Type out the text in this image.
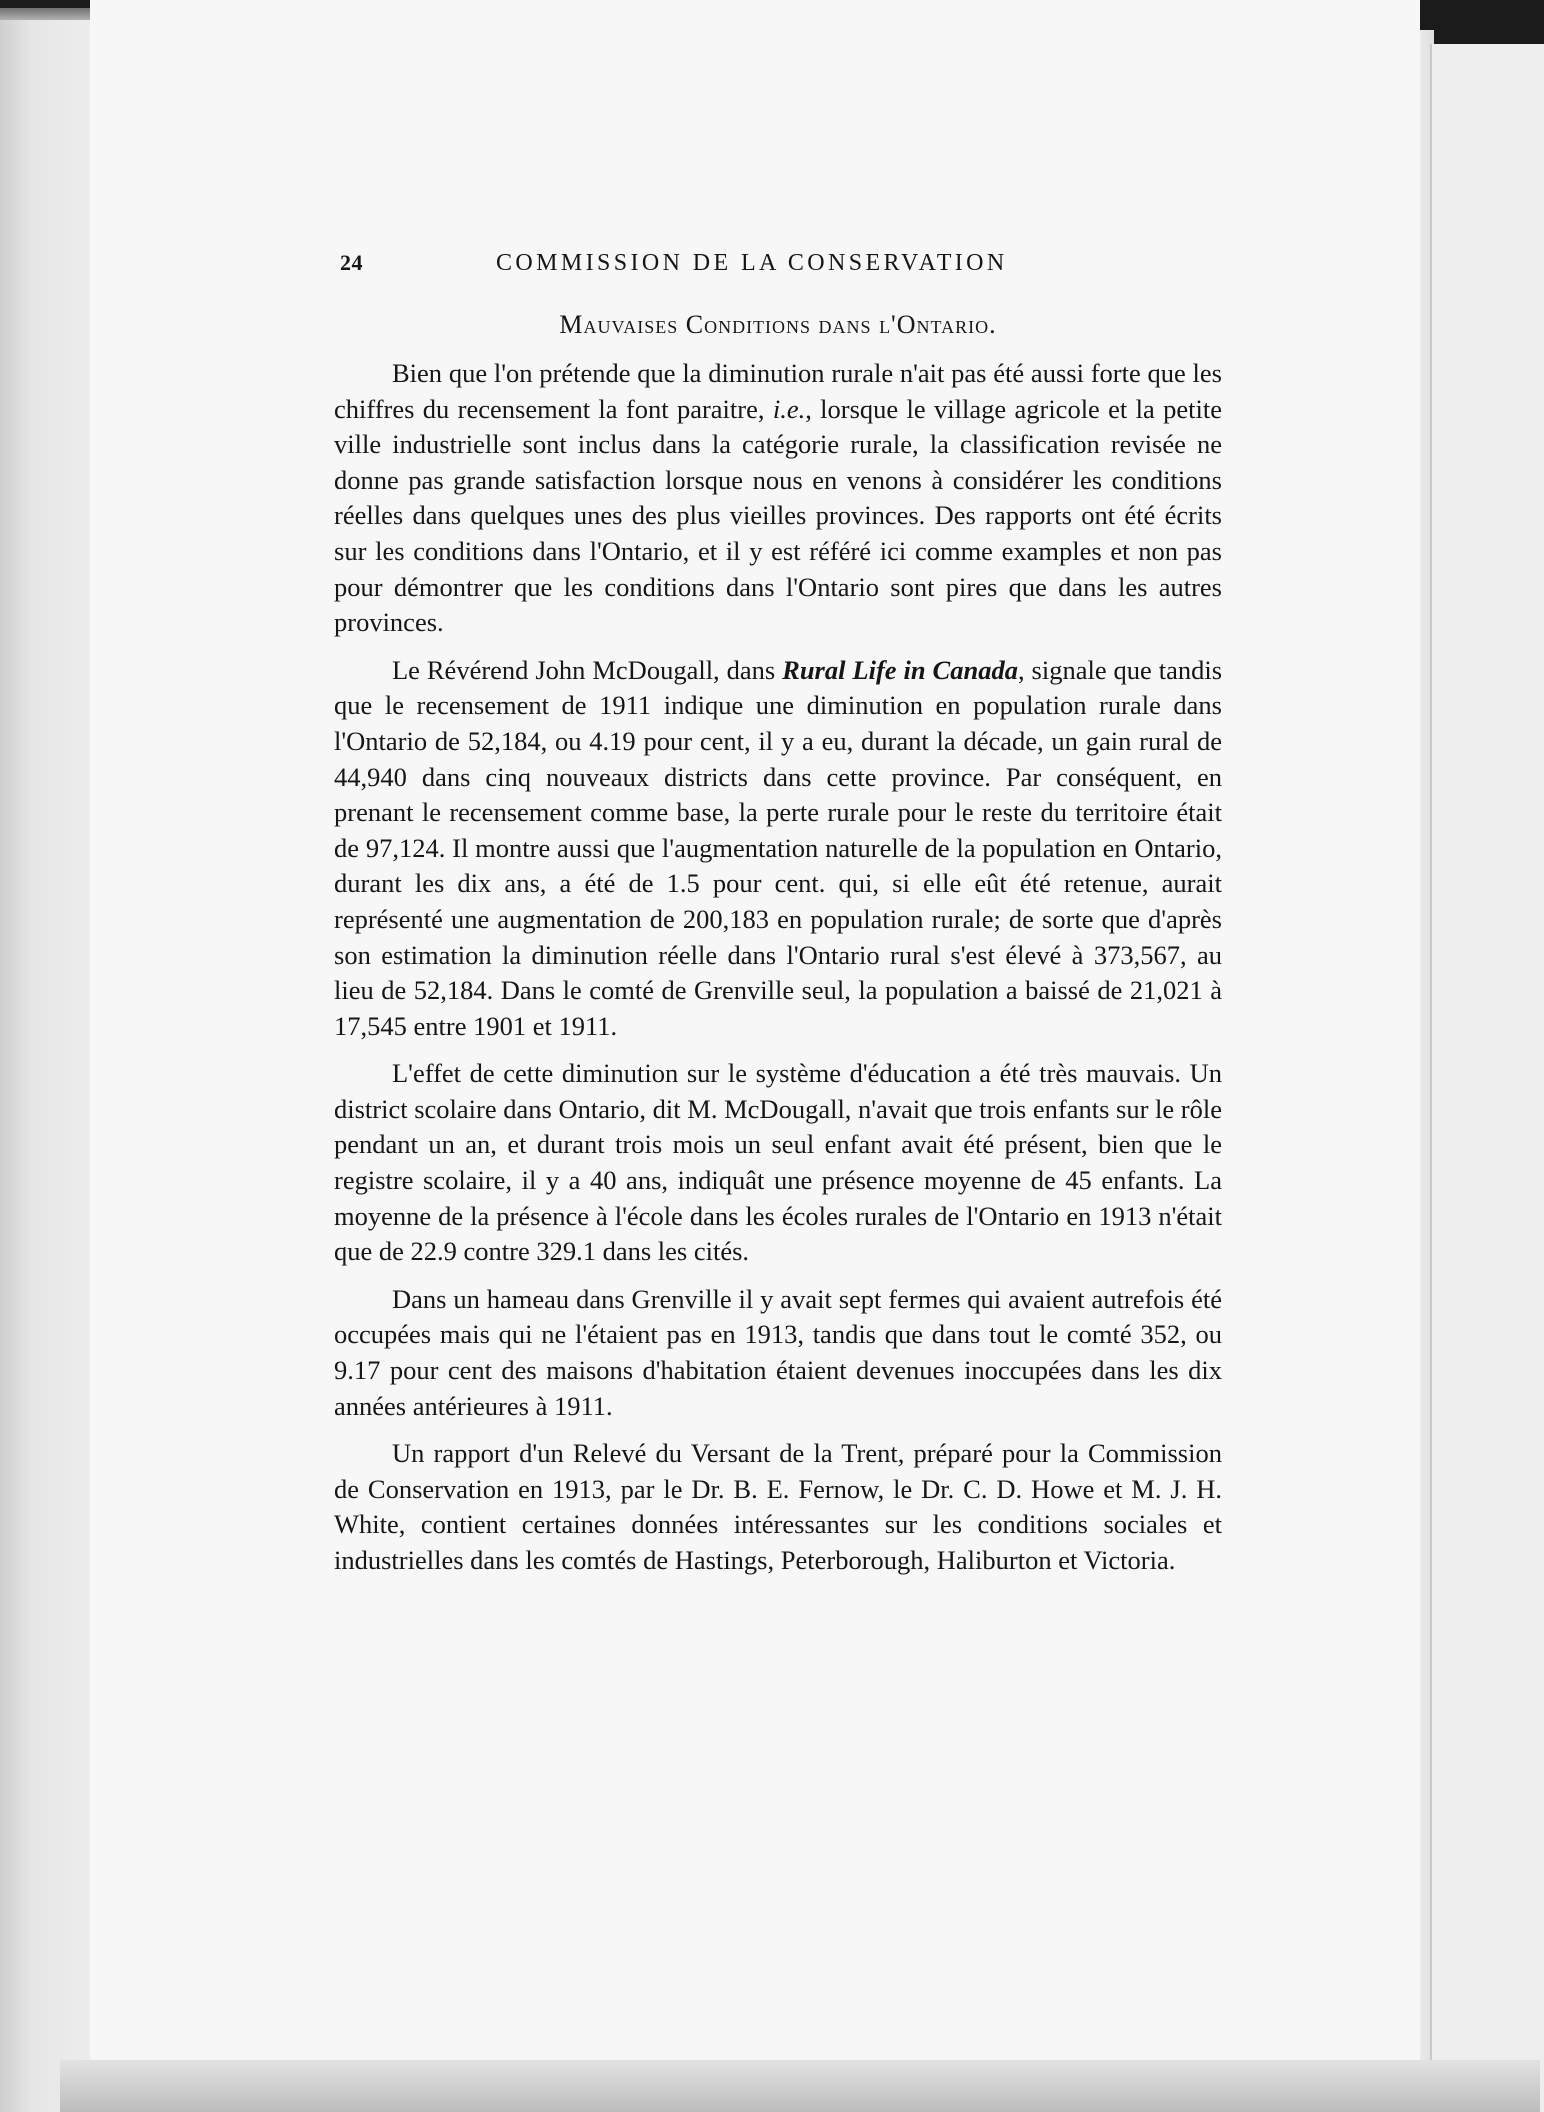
24	COMMISSION DE LA CONSERVATION
Mauvaises Conditions dans l'Ontario.

Bien que l'on prétende que la diminution rurale n'ait pas été aussi forte que les chiffres du recensement la font paraitre, i.e., lorsque le village agricole et la petite ville industrielle sont inclus dans la catégorie rurale, la classification revisée ne donne pas grande satisfaction lorsque nous en venons à considérer les conditions réelles dans quelques unes des plus vieilles provinces. Des rapports ont été écrits sur les conditions dans l'Ontario, et il y est référé ici comme examples et non pas pour démontrer que les conditions dans l'Ontario sont pires que dans les autres provinces.

Le Révérend John McDougall, dans Rural Life in Canada, signale que tandis que le recensement de 1911 indique une diminution en population rurale dans l'Ontario de 52,184, ou 4.19 pour cent, il y a eu, durant la décade, un gain rural de 44,940 dans cinq nouveaux districts dans cette province. Par conséquent, en prenant le recensement comme base, la perte rurale pour le reste du territoire était de 97,124. Il montre aussi que l'augmentation naturelle de la population en Ontario, durant les dix ans, a été de 1.5 pour cent. qui, si elle eût été retenue, aurait représenté une augmentation de 200,183 en population rurale; de sorte que d'après son estimation la diminution réelle dans l'Ontario rural s'est élevé à 373,567, au lieu de 52,184. Dans le comté de Grenville seul, la population a baissé de 21,021 à 17,545 entre 1901 et 1911.

L'effet de cette diminution sur le système d'éducation a été très mauvais. Un district scolaire dans Ontario, dit M. McDougall, n'avait que trois enfants sur le rôle pendant un an, et durant trois mois un seul enfant avait été présent, bien que le registre scolaire, il y a 40 ans, indiquât une présence moyenne de 45 enfants. La moyenne de la présence à l'école dans les écoles rurales de l'Ontario en 1913 n'était que de 22.9 contre 329.1 dans les cités.

Dans un hameau dans Grenville il y avait sept fermes qui avaient autrefois été occupées mais qui ne l'étaient pas en 1913, tandis que dans tout le comté 352, ou 9.17 pour cent des maisons d'habitation étaient devenues inoccupées dans les dix années antérieures à 1911.

Un rapport d'un Relevé du Versant de la Trent, préparé pour la Commission de Conservation en 1913, par le Dr. B. E. Fernow, le Dr. C. D. Howe et M. J. H. White, contient certaines données intéressantes sur les conditions sociales et industrielles dans les comtés de Hastings, Peterborough, Haliburton et Victoria.
